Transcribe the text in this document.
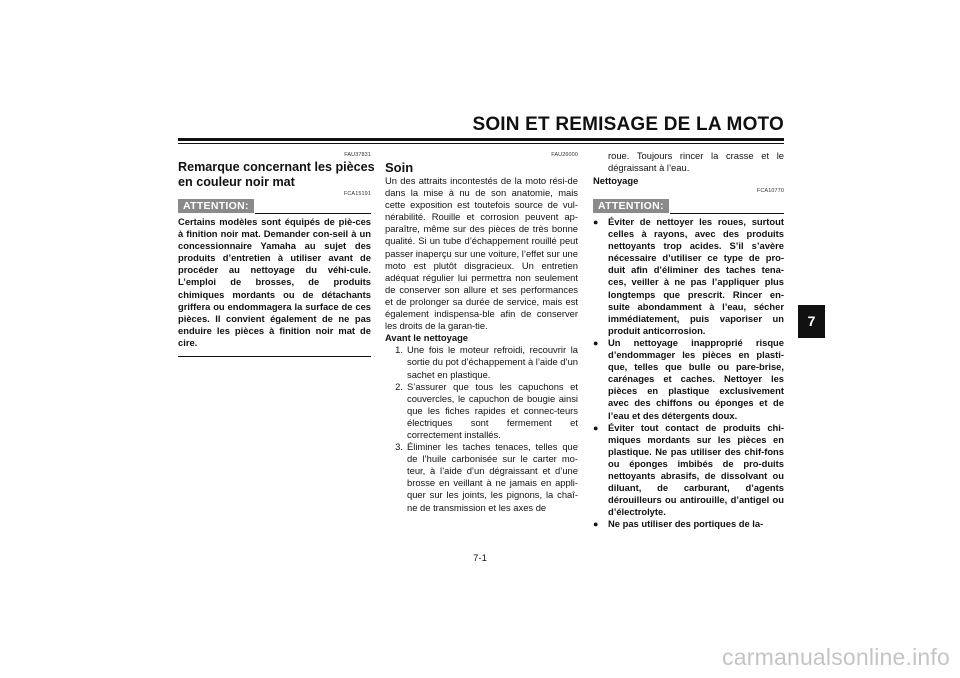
SOIN ET REMISAGE DE LA MOTO
FAU37831
Remarque concernant les pièces
en couleur noir mat
FCA15191
ATTENTION:
Certains modèles sont équipés de piè-ces à finition noir mat. Demander con-seil à un concessionnaire Yamaha au sujet des produits d’entretien à utiliser avant de procéder au nettoyage du véhi-cule. L’emploi de brosses, de produits chimiques mordants ou de détachants griffera ou endommagera la surface de ces pièces. Il convient également de ne pas enduire les pièces à finition noir mat de cire.
FAU26000
Soin
Un des attraits incontestés de la moto rési-de dans la mise à nu de son anatomie, mais cette exposition est toutefois source de vul-nérabilité. Rouille et corrosion peuvent ap-paraître, même sur des pièces de très bonne qualité. Si un tube d’échappement rouillé peut passer inaperçu sur une voiture, l’effet sur une moto est plutôt disgracieux. Un entretien adéquat régulier lui permettra non seulement de conserver son allure et ses performances et de prolonger sa durée de service, mais est également indispensa-ble afin de conserver les droits de la garan-tie.
Avant le nettoyage
1. Une fois le moteur refroidi, recouvrir la sortie du pot d’échappement à l’aide d’un sachet en plastique.
2. S’assurer que tous les capuchons et couvercles, le capuchon de bougie ainsi que les fiches rapides et connec-teurs électriques sont fermement et correctement installés.
3. Éliminer les taches tenaces, telles que de l’huile carbonisée sur le carter mo-teur, à l’aide d’un dégraissant et d’une brosse en veillant à ne jamais en appli-quer sur les joints, les pignons, la chaî-ne de transmission et les axes de
roue. Toujours rincer la crasse et le dégraissant à l’eau.
Nettoyage
FCA10770
ATTENTION:
●	Éviter de nettoyer les roues, surtout celles à rayons, avec des produits nettoyants trop acides. S’il s’avère nécessaire d’utiliser ce type de pro-duit afin d’éliminer des taches tena-ces, veiller à ne pas l’appliquer plus longtemps que prescrit. Rincer en-suite abondamment à l’eau, sécher immédiatement, puis vaporiser un produit anticorrosion.
●	Un nettoyage inapproprié risque d’endommager les pièces en plasti-que, telles que bulle ou pare-brise, carénages et caches. Nettoyer les pièces en plastique exclusivement avec des chiffons ou éponges et de l’eau et des détergents doux.
●	Éviter tout contact de produits chi-miques mordants sur les pièces en plastique. Ne pas utiliser des chif-fons ou éponges imbibés de pro-duits nettoyants abrasifs, de dissolvant ou diluant, de carburant, d’agents dérouilleurs ou antirouille, d’antigel ou d’électrolyte.
●	Ne pas utiliser des portiques de la-
7
7-1
carmanualsonline.info
